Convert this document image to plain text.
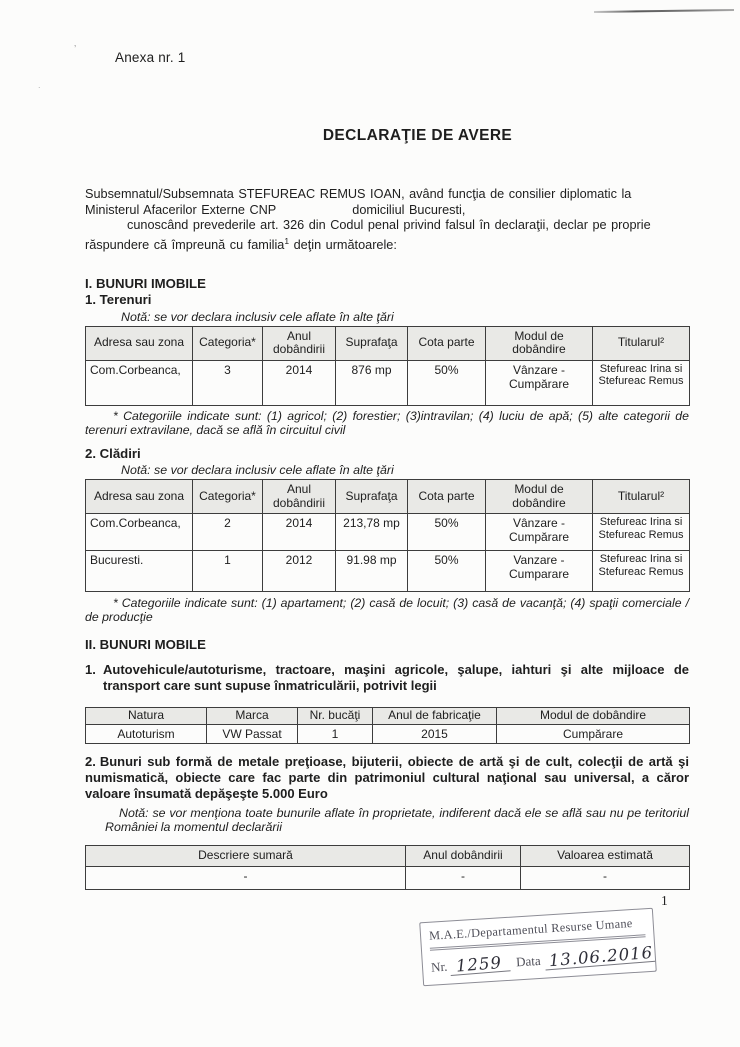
’
.
Anexa nr. 1
DECLARAŢIE DE AVERE
Subsemnatul/Subsemnata STEFUREAC REMUS IOAN, având funcţia de consilier diplomatic la
Ministerul Afacerilor Externe CNP	domiciliul Bucuresti,
cunoscând prevederile art. 326 din Codul penal privind falsul în declaraţii, declar pe proprie
răspundere că împreună cu familia$^1$ deţin următoarele:
I. BUNURI IMOBILE
1. Terenuri
Notă: se vor declara inclusiv cele aflate în alte ţări
Adresa sau zona	Categoria*	Anul dobândirii	Suprafaţa	Cota parte	Modul de dobândire	Titularul²
Com.Corbeanca,	3	2014	876 mp	50%	Vânzare - Cumpărare	Stefureac Irina si Stefureac Remus
* Categoriile indicate sunt: (1) agricol; (2) forestier; (3)intravilan; (4) luciu de apă; (5) alte categorii de terenuri extravilane, dacă se află în circuitul civil
2. Clădiri
Notă: se vor declara inclusiv cele aflate în alte ţări
Adresa sau zona	Categoria*	Anul dobândirii	Suprafaţa	Cota parte	Modul de dobândire	Titularul²
Com.Corbeanca,	2	2014	213,78 mp	50%	Vânzare - Cumpărare	Stefureac Irina si Stefureac Remus
Bucuresti.	1	2012	91.98 mp	50%	Vanzare - Cumparare	Stefureac Irina si Stefureac Remus
* Categoriile indicate sunt: (1) apartament; (2) casă de locuit; (3) casă de vacanţă; (4) spaţii comerciale / de producţie
II. BUNURI MOBILE
1. Autovehicule/autoturisme, tractoare, maşini agricole, şalupe, iahturi şi alte mijloace de transport care sunt supuse înmatriculării, potrivit legii
Natura	Marca	Nr. bucăţi	Anul de fabricaţie	Modul de dobândire
Autoturism	VW Passat	1	2015	Cumpărare
2. Bunuri sub formă de metale preţioase, bijuterii, obiecte de artă şi de cult, colecţii de artă şi numismatică, obiecte care fac parte din patrimoniul cultural naţional sau universal, a căror valoare însumată depăşeşte 5.000 Euro
Notă: se vor menţiona toate bunurile aflate în proprietate, indiferent dacă ele se află sau nu pe teritoriul României la momentul declarării
Descriere sumară	Anul dobândirii	Valoarea estimată
-	-	-
1
M.A.E./Departamentul Resurse Umane
Nr. 1259 Data 13.06.2016
